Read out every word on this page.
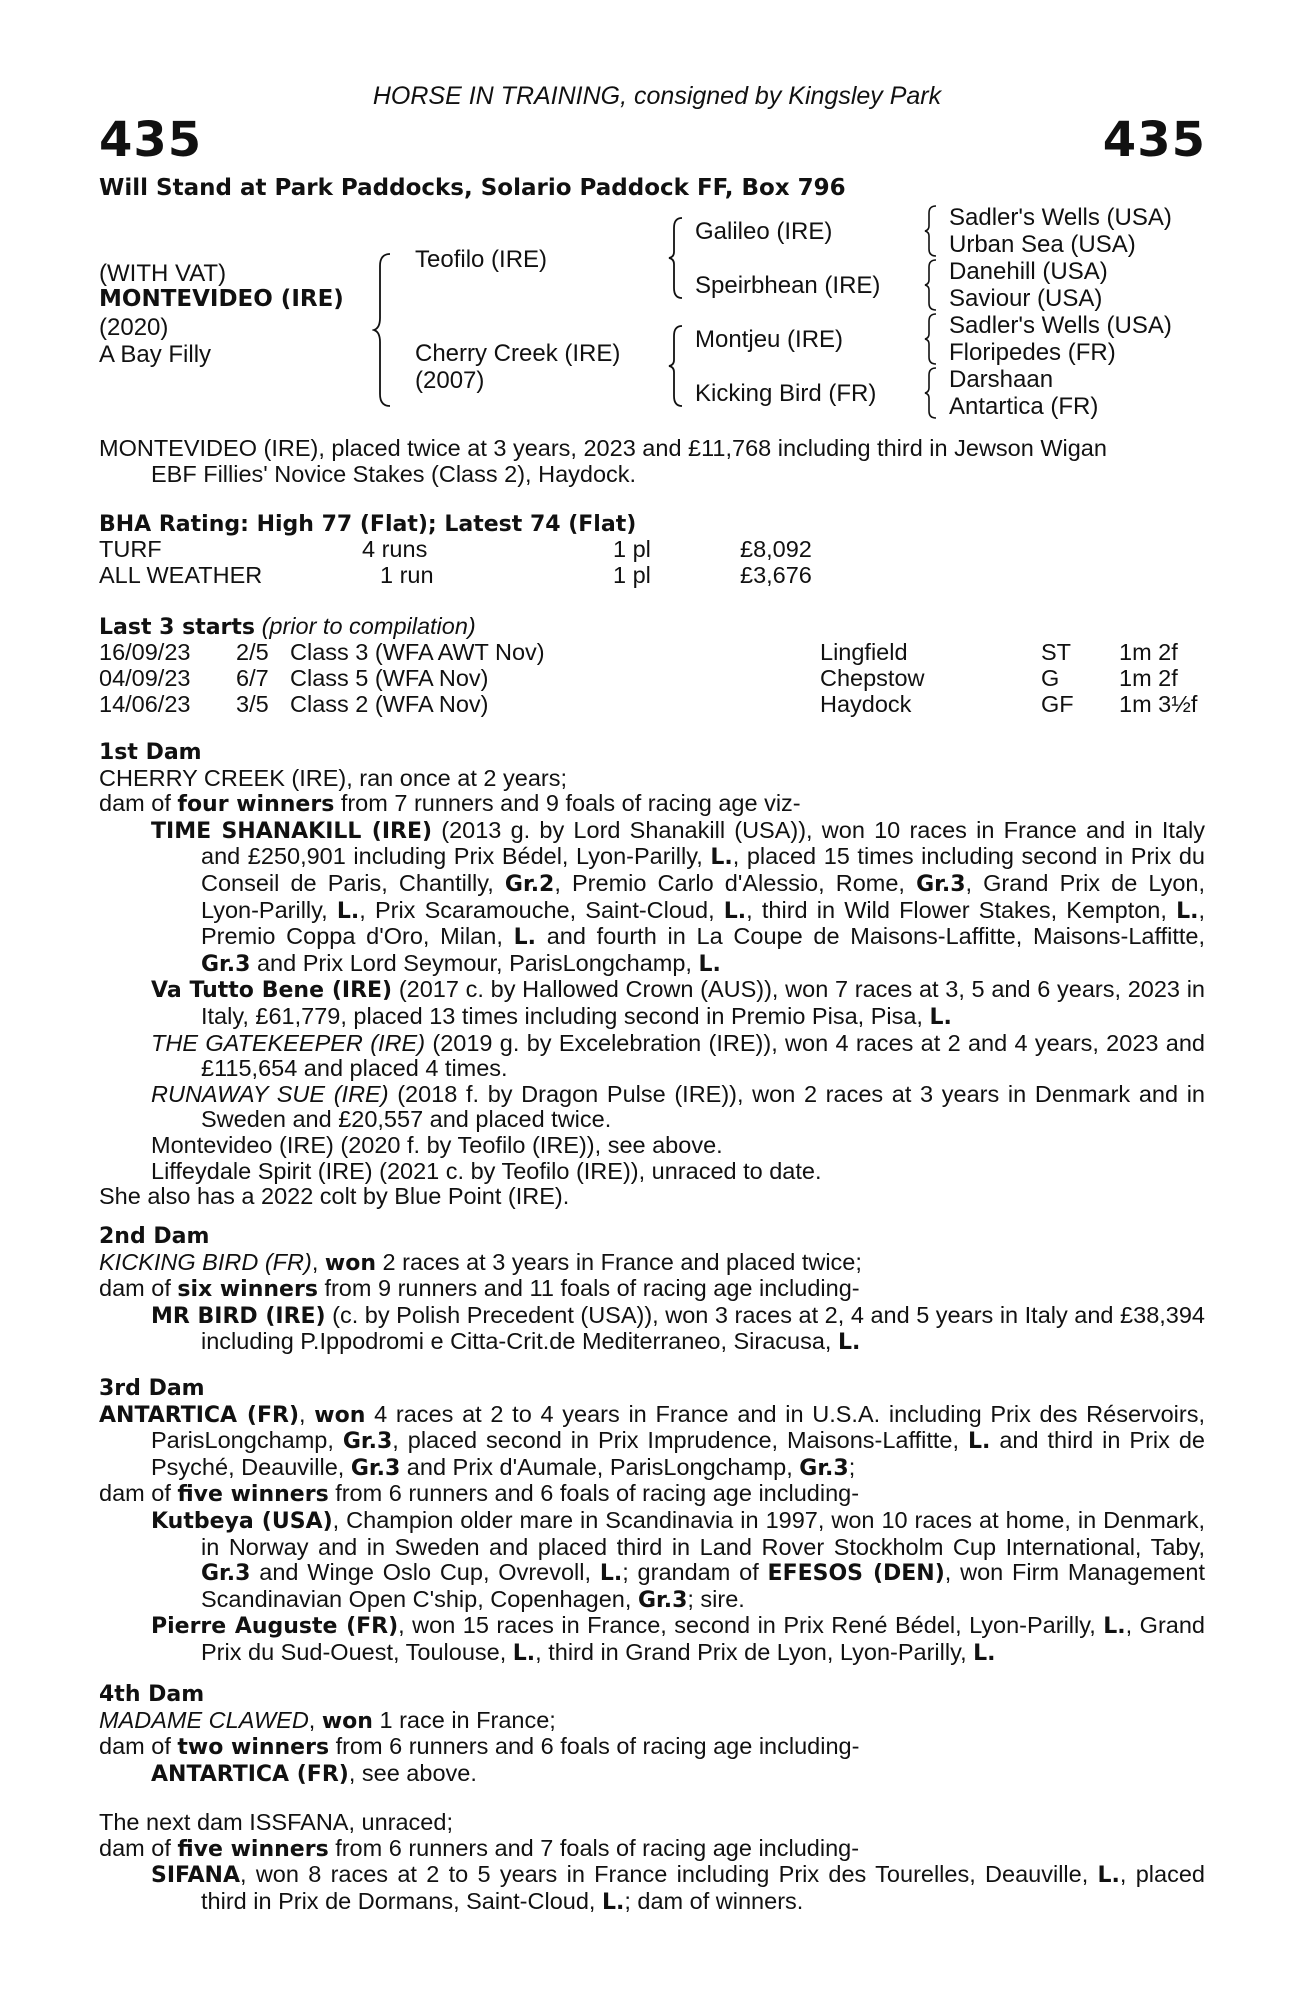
HORSE IN TRAINING, consigned by Kingsley Park
435	435
Will Stand at Park Paddocks, Solario Paddock FF, Box 796
(WITH VAT)
MONTEVIDEO (IRE)
(2020)
A Bay Filly
Teofilo (IRE)
Cherry Creek (IRE)
(2007)
Galileo (IRE)
Speirbhean (IRE)
Montjeu (IRE)
Kicking Bird (FR)
Sadler's Wells (USA)
Urban Sea (USA)
Danehill (USA)
Saviour (USA)
Sadler's Wells (USA)
Floripedes (FR)
Darshaan
Antartica (FR)

MONTEVIDEO (IRE), placed twice at 3 years, 2023 and £11,768 including third in Jewson Wigan

EBF Fillies' Novice Stakes (Class 2), Haydock.

BHA Rating: High 77 (Flat); Latest 74 (Flat)
TURF	4 runs	1 pl	£8,092
ALL WEATHER	1 run	1 pl	£3,676
Last 3 starts (prior to compilation)
16/09/23 2/5 Class 3 (WFA AWT Nov)	Lingfield	ST 1m 2f
04/09/23 6/7 Class 5 (WFA Nov)	Chepstow	G	1m 2f
14/06/23 3/5 Class 2 (WFA Nov)	Haydock	GF 1m 3½f

1st Dam

CHERRY CREEK (IRE), ran once at 2 years;

dam of four winners from 7 runners and 9 foals of racing age viz-

TIME SHANAKILL (IRE) (2013 g. by Lord Shanakill (USA)), won 10 races in France and in Italy and £250,901 including Prix Bédel, Lyon-Parilly, L., placed 15 times including second in Prix du Conseil de Paris, Chantilly, Gr.2, Premio Carlo d'Alessio, Rome, Gr.3, Grand Prix de Lyon, Lyon-Parilly, L., Prix Scaramouche, Saint-Cloud, L., third in Wild Flower Stakes, Kempton, L., Premio Coppa d'Oro, Milan, L. and fourth in La Coupe de Maisons-Laffitte, Maisons-Laffitte, Gr.3 and Prix Lord Seymour, ParisLongchamp, L.

Va Tutto Bene (IRE) (2017 c. by Hallowed Crown (AUS)), won 7 races at 3, 5 and 6 years, 2023 in Italy, £61,779, placed 13 times including second in Premio Pisa, Pisa, L.

THE GATEKEEPER (IRE) (2019 g. by Excelebration (IRE)), won 4 races at 2 and 4 years, 2023 and £115,654 and placed 4 times.

RUNAWAY SUE (IRE) (2018 f. by Dragon Pulse (IRE)), won 2 races at 3 years in Denmark and in Sweden and £20,557 and placed twice.

Montevideo (IRE) (2020 f. by Teofilo (IRE)), see above.

Liffeydale Spirit (IRE) (2021 c. by Teofilo (IRE)), unraced to date.

She also has a 2022 colt by Blue Point (IRE).

2nd Dam

KICKING BIRD (FR), won 2 races at 3 years in France and placed twice;

dam of six winners from 9 runners and 11 foals of racing age including-

MR BIRD (IRE) (c. by Polish Precedent (USA)), won 3 races at 2, 4 and 5 years in Italy and £38,394 including P.Ippodromi e Citta-Crit.de Mediterraneo, Siracusa, L.

3rd Dam

ANTARTICA (FR), won 4 races at 2 to 4 years in France and in U.S.A. including Prix des Réservoirs, ParisLongchamp, Gr.3, placed second in Prix Imprudence, Maisons-Laffitte, L. and third in Prix de Psyché, Deauville, Gr.3 and Prix d'Aumale, ParisLongchamp, Gr.3;

dam of five winners from 6 runners and 6 foals of racing age including-

Kutbeya (USA), Champion older mare in Scandinavia in 1997, won 10 races at home, in Denmark, in Norway and in Sweden and placed third in Land Rover Stockholm Cup International, Taby, Gr.3 and Winge Oslo Cup, Ovrevoll, L.; grandam of EFESOS (DEN), won Firm Management Scandinavian Open C'ship, Copenhagen, Gr.3; sire.

Pierre Auguste (FR), won 15 races in France, second in Prix René Bédel, Lyon-Parilly, L., Grand Prix du Sud-Ouest, Toulouse, L., third in Grand Prix de Lyon, Lyon-Parilly, L.

4th Dam

MADAME CLAWED, won 1 race in France;

dam of two winners from 6 runners and 6 foals of racing age including-

ANTARTICA (FR), see above.

The next dam ISSFANA, unraced;

dam of five winners from 6 runners and 7 foals of racing age including-

SIFANA, won 8 races at 2 to 5 years in France including Prix des Tourelles, Deauville, L., placed third in Prix de Dormans, Saint-Cloud, L.; dam of winners.
